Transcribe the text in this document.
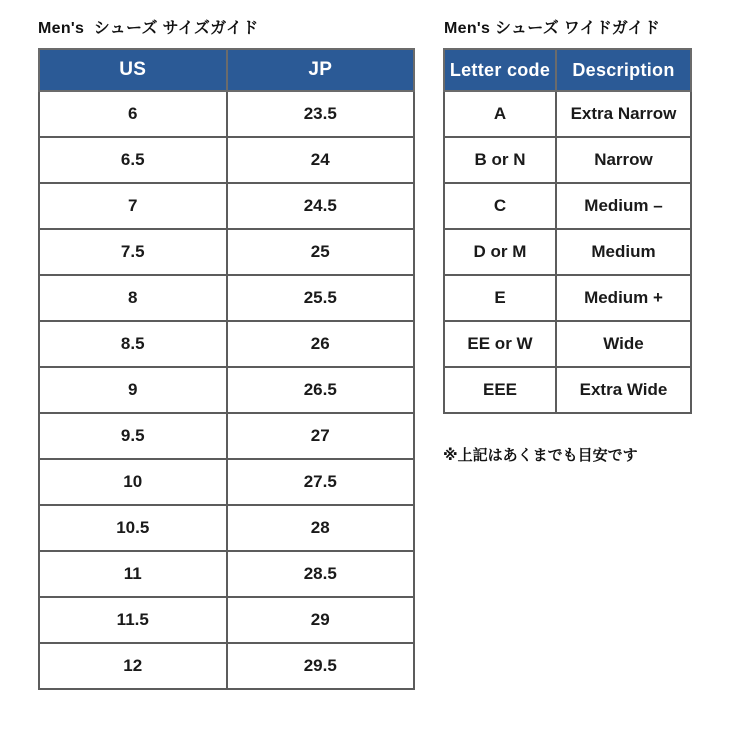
Men's  シューズ サイズガイド	Men's シューズ ワイドガイド
US	JP
6	23.5
6.5	24
7	24.5
7.5	25
8	25.5
8.5	26
9	26.5
9.5	27
10	27.5
10.5	28
11	28.5
11.5	29
12	29.5
Letter code	Description
A	Extra Narrow
B or N	Narrow
C	Medium –
D or M	Medium
E	Medium +
EE or W	Wide
EEE	Extra Wide
※上記はあくまでも目安です
